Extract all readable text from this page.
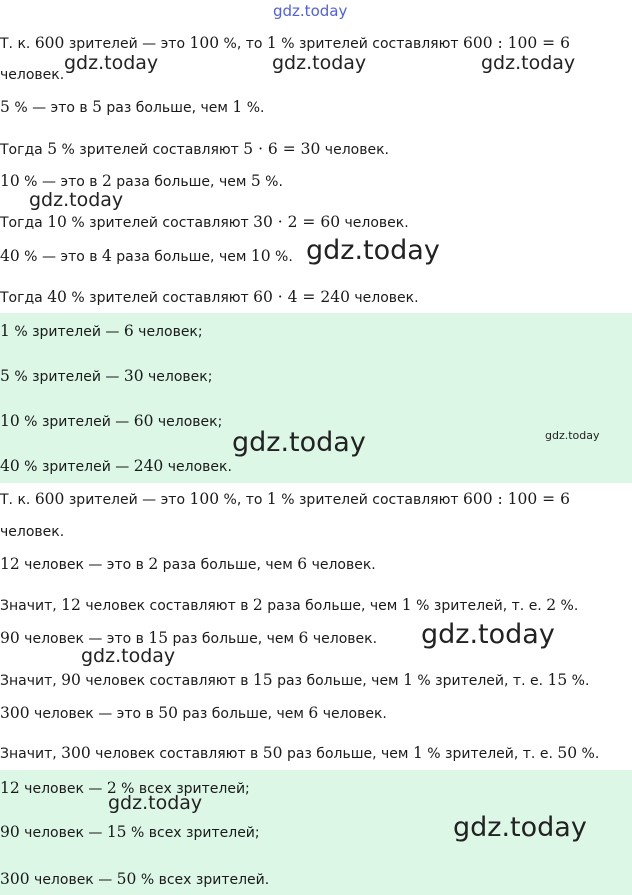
gdz.today
Т. к. 600 зрителей — это 100 %, то 1 % зрителей составляют 600 : 100 = 6
человек.
5 % — это в 5 раз больше, чем 1 %.
Тогда 5 % зрителей составляют 5 · 6 = 30 человек.
10 % — это в 2 раза больше, чем 5 %.
Тогда 10 % зрителей составляют 30 · 2 = 60 человек.
40 % — это в 4 раза больше, чем 10 %.
Тогда 40 % зрителей составляют 60 · 4 = 240 человек.
1 % зрителей — 6 человек;
5 % зрителей — 30 человек;
10 % зрителей — 60 человек;
40 % зрителей — 240 человек.
Т. к. 600 зрителей — это 100 %, то 1 % зрителей составляют 600 : 100 = 6
человек.
12 человек — это в 2 раза больше, чем 6 человек.
Значит, 12 человек составляют в 2 раза больше, чем 1 % зрителей, т. е. 2 %.
90 человек — это в 15 раз больше, чем 6 человек.
Значит, 90 человек составляют в 15 раз больше, чем 1 % зрителей, т. е. 15 %.
300 человек — это в 50 раз больше, чем 6 человек.
Значит, 300 человек составляют в 50 раз больше, чем 1 % зрителей, т. е. 50 %.
12 человек — 2 % всех зрителей;
90 человек — 15 % всех зрителей;
300 человек — 50 % всех зрителей.
gdz.today	gdz.today	gdz.today
gdz.today
gdz.today
gdz.today	gdz.today
gdz.today
gdz.today
gdz.today
gdz.today
